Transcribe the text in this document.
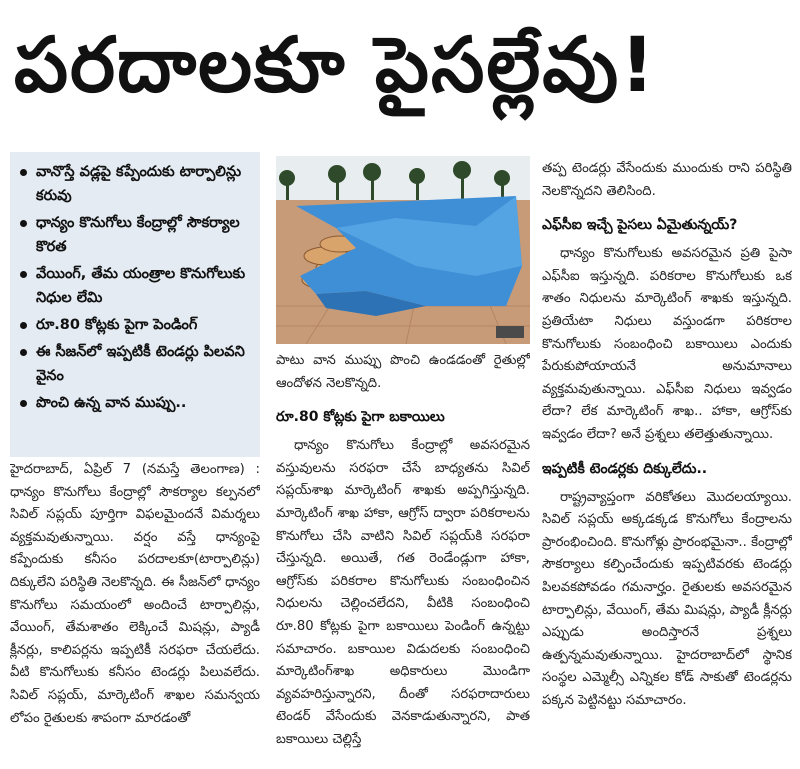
పరదాలకూ పైసల్లేవు!
వానొస్తే వడ్లపై కప్పేందుకు టార్పాలిన్లు కరువు
ధాన్యం కొనుగోలు కేంద్రాల్లో సౌకర్యాల కొరత
వేయింగ్, తేమ యంత్రాల కొనుగోలుకు నిధుల లేమి
రూ.80 కోట్లకు పైగా పెండింగ్
ఈ సీజన్‌లో ఇప్పటికీ టెండర్లు పిలవని వైనం
పొంచి ఉన్న వాన ముప్పు..

హైదరాబాద్, ఏప్రిల్ 7 (నమస్తే తెలంగాణ) : ధాన్యం కొనుగోలు కేంద్రాల్లో సౌకర్యాల కల్పనలో సివిల్ సప్లయ్ పూర్తిగా విఫలమైందనే విమర్శలు వ్యక్తమవుతున్నాయి. వర్షం వస్తే ధాన్యంపై కప్పేందుకు కనీసం పరదాలకూ(టార్పాలిన్లు) దిక్కులేని పరిస్థితి నెలకొన్నది. ఈ సీజన్‌లో ధాన్యం కొనుగోలు సమయంలో అందించే టార్పాలిన్లు, వేయింగ్, తేమశాతం లెక్కించే మిషన్లు, ప్యాడీ క్లీనర్లు, కాలిపర్లను ఇప్పటికీ సరఫరా చేయలేదు. వీటి కొనుగోలుకు కనీసం టెండర్లు పిలువలేదు. సివిల్ సప్లయ్, మార్కెటింగ్ శాఖల సమన్వయ లోపం రైతులకు శాపంగా మారడంతో

పాటు వాన ముప్పు పొంచి ఉండడంతో రైతుల్లో ఆందోళన నెలకొన్నది.

రూ.80 కోట్లకు పైగా బకాయిలు

ధాన్యం కొనుగోలు కేంద్రాల్లో అవసరమైన వస్తువులను సరఫరా చేసే బాధ్యతను సివిల్ సప్లయ్‌శాఖ మార్కెటింగ్ శాఖకు అప్పగిస్తున్నది. మార్కెటింగ్ శాఖ హాకా, ఆగ్రోస్ ద్వారా పరికరాలను కొనుగోలు చేసి వాటిని సివిల్ సప్లయ్‌కి సరఫరా చేస్తున్నది. అయితే, గత రెండేండ్లుగా హాకా, ఆగ్రోస్‌కు పరికరాల కొనుగోలుకు సంబంధించిన నిధులను చెల్లించలేదని, వీటికి సంబంధించి రూ.80 కోట్లకు పైగా బకాయిలు పెండింగ్ ఉన్నట్టు సమాచారం. బకాయిల విడుదలకు సంబంధించి మార్కెటింగ్‌శాఖ అధికారులు మొండిగా వ్యవహరిస్తున్నారని, దీంతో సరఫరాదారులు టెండర్ వేసేందుకు వెనకాడుతున్నారని, పాత బకాయిలు చెల్లిస్తే

తప్ప టెండర్లు వేసేందుకు ముందుకు రాని పరిస్థితి నెలకొన్నదని తెలిసింది.

ఎఫ్‌సీఐ ఇచ్చే పైసలు ఏమైతున్నయ్?

ధాన్యం కొనుగోలుకు అవసరమైన ప్రతి పైసా ఎఫ్‌సీఐ ఇస్తున్నది. పరికరాల కొనుగోలుకు ఒక శాతం నిధులను మార్కెటింగ్ శాఖకు ఇస్తున్నది. ప్రతియేటా నిధులు వస్తుండగా పరికరాల కొనుగోలుకు సంబంధించి బకాయిలు ఎందుకు పేరుకుపోయాయనే అనుమానాలు వ్యక్తమవుతున్నాయి. ఎఫ్‌సీఐ నిధులు ఇవ్వడం లేదా? లేక మార్కెటింగ్ శాఖ.. హాకా, ఆగ్రోస్‌కు ఇవ్వడం లేదా? అనే ప్రశ్నలు తలెత్తుతున్నాయి.

ఇప్పటికీ టెండర్లకు దిక్కులేదు..

రాష్ట్రవ్యాప్తంగా వరికోతలు మొదలయ్యాయి. సివిల్ సప్లయ్ అక్కడక్కడ కొనుగోలు కేంద్రాలను ప్రారంభించింది. కొనుగోళ్లు ప్రారంభమైనా.. కేంద్రాల్లో సౌకర్యాలు కల్పించేందుకు ఇప్పటివరకు టెండర్లు పిలవకపోవడం గమనార్హం. రైతులకు అవసరమైన టార్పాలిన్లు, వేయింగ్, తేమ మిషన్లు, ప్యాడీ క్లీనర్లు ఎప్పుడు అందిస్తారనే ప్రశ్నలు ఉత్పన్నమవుతున్నాయి. హైదరాబాద్‌లో స్థానిక సంస్థల ఎమ్మెల్సీ ఎన్నికల కోడ్ సాకుతో టెండర్లను పక్కన పెట్టినట్టు సమాచారం.
